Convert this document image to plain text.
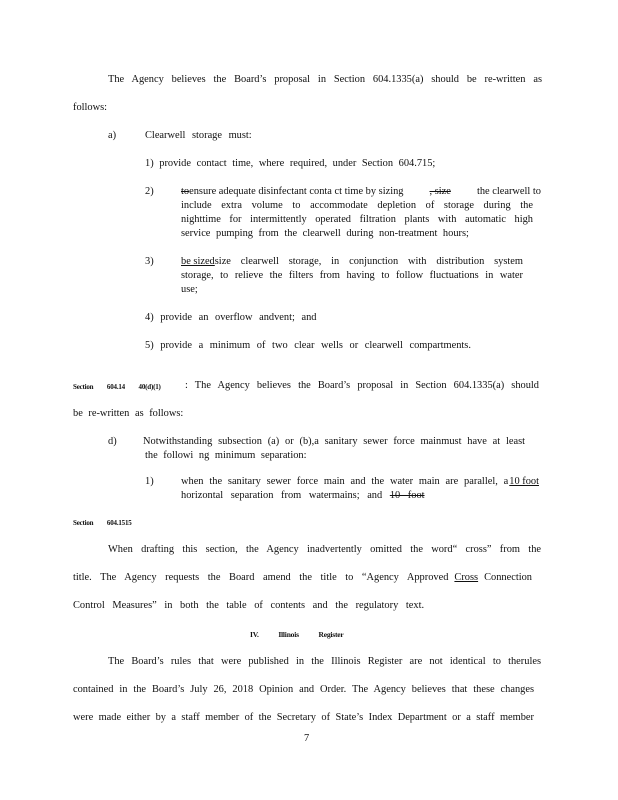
The Agency believes the Board’s proposal in Section 604.1335(a) should be re-written as
follows:
a)	Clearwell storage must:
1) provide contact time, where required, under Section 604.715;
2)	toensure adequate disinfectant conta ct time by sizing	, size	the clearwell to
include extra volume to accommodate depletion of storage during the
nighttime for intermittently operated filtration plants with automatic high
service pumping from the clearwell during non-treatment hours;
3)	be sized size clearwell storage, in conjunction with distribution system
storage, to relieve the filters from having to follow fluctuations in water
use;
4) provide an overflow andvent; and
5) provide a minimum of two clear wells or clearwell compartments.
Section 604.14 40(d)(1) : The Agency believes the Board’s proposal in Section 604.1335(a) should
be re-written as follows:
d)	Notwithstanding subsection (a) or (b),a sanitary sewer force mainmust have at least
the followi ng minimum separation:
1)	when the sanitary sewer force main and the water main are parallel, a 10 foot
horizontal separation from watermains; and 10 foot
Section 604.1515
When drafting this section, the Agency inadvertently omitted the word“ cross” from the
title. The Agency requests the Board amend the title to “Agency Approved Cross Connection
Control Measures” in both the table of contents and the regulatory text.
IV. Illinois Register
The Board’s rules that were published in the Illinois Register are not identical to therules
contained in the Board’s July 26, 2018 Opinion and Order. The Agency believes that these changes
were made either by a staff member of the Secretary of State’s Index Department or a staff member
7
